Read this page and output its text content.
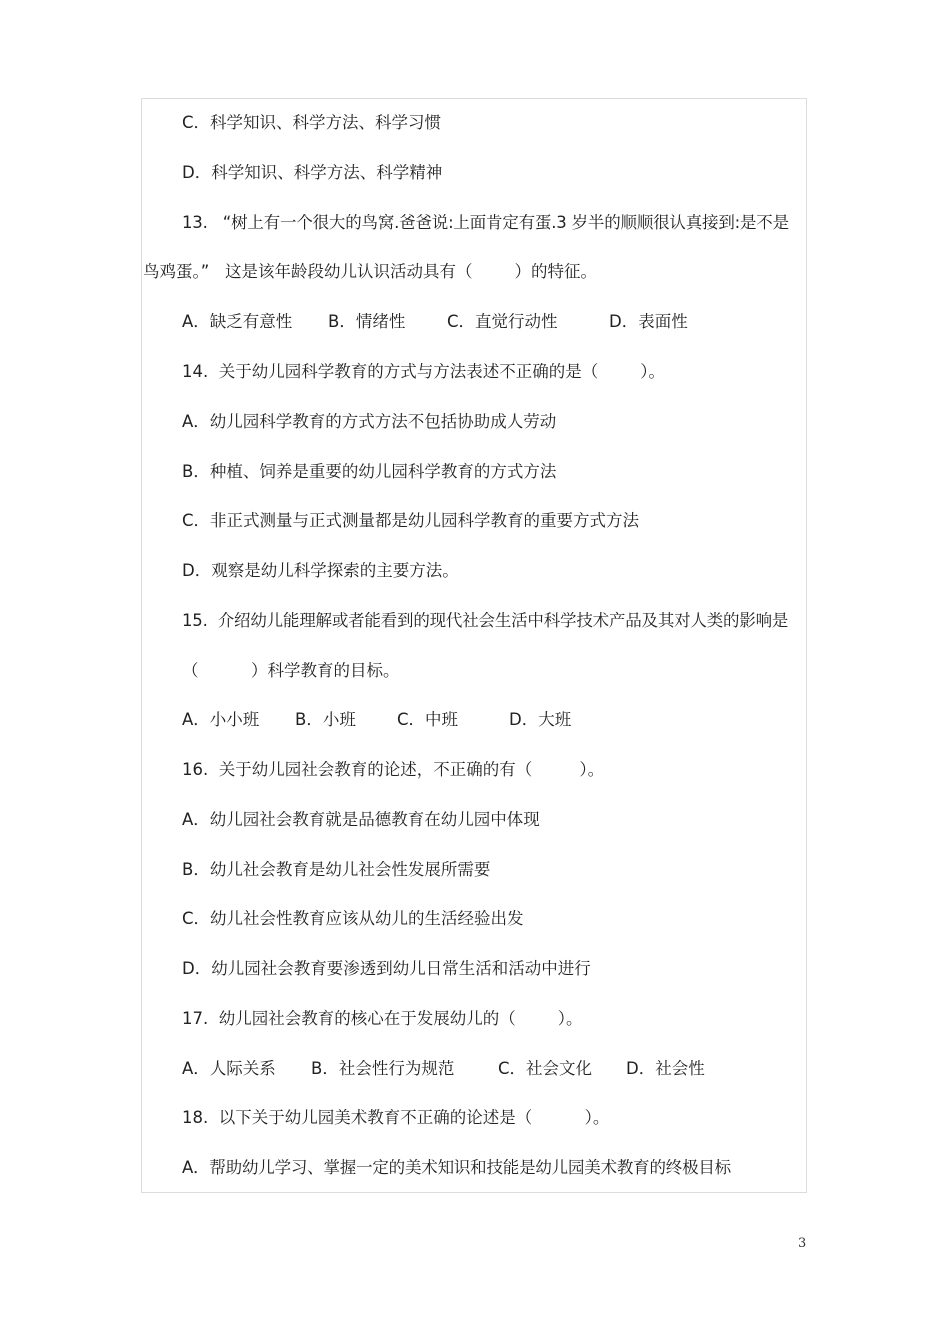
C．科学知识、科学方法、科学习惯
D．科学知识、科学方法、科学精神
13.   “树上有一个很大的鸟窝.爸爸说:上面肯定有蛋.3 岁半的顺顺很认真接到:是不是
鸟鸡蛋。”   这是该年龄段幼儿认识活动具有（        ）的特征。

A．缺乏有意性

B．情绪性

	C．直觉行动性

	D．表面性

14.  关于幼儿园科学教育的方式与方法表述不正确的是（        ）。
A．幼儿园科学教育的方式方法不包括协助成人劳动
B．种植、饲养是重要的幼儿园科学教育的方式方法
C．非正式测量与正式测量都是幼儿园科学教育的重要方式方法
D．观察是幼儿科学探索的主要方法。
15.  介绍幼儿能理解或者能看到的现代社会生活中科学技术产品及其对人类的影响是
（          ）科学教育的目标。

A．小小班

B．小班

C．中班

	D．大班

16.  关于幼儿园社会教育的论述，不正确的有（         ）。
A．幼儿园社会教育就是品德教育在幼儿园中体现
B．幼儿社会教育是幼儿社会性发展所需要
C．幼儿社会性教育应该从幼儿的生活经验出发
D．幼儿园社会教育要渗透到幼儿日常生活和活动中进行
17.  幼儿园社会教育的核心在于发展幼儿的（        ）。

A．人际关系

B．社会性行为规范

	C．社会文化

D．社会性

18.  以下关于幼儿园美术教育不正确的论述是（          ）。
A．帮助幼儿学习、掌握一定的美术知识和技能是幼儿园美术教育的终极目标
3
